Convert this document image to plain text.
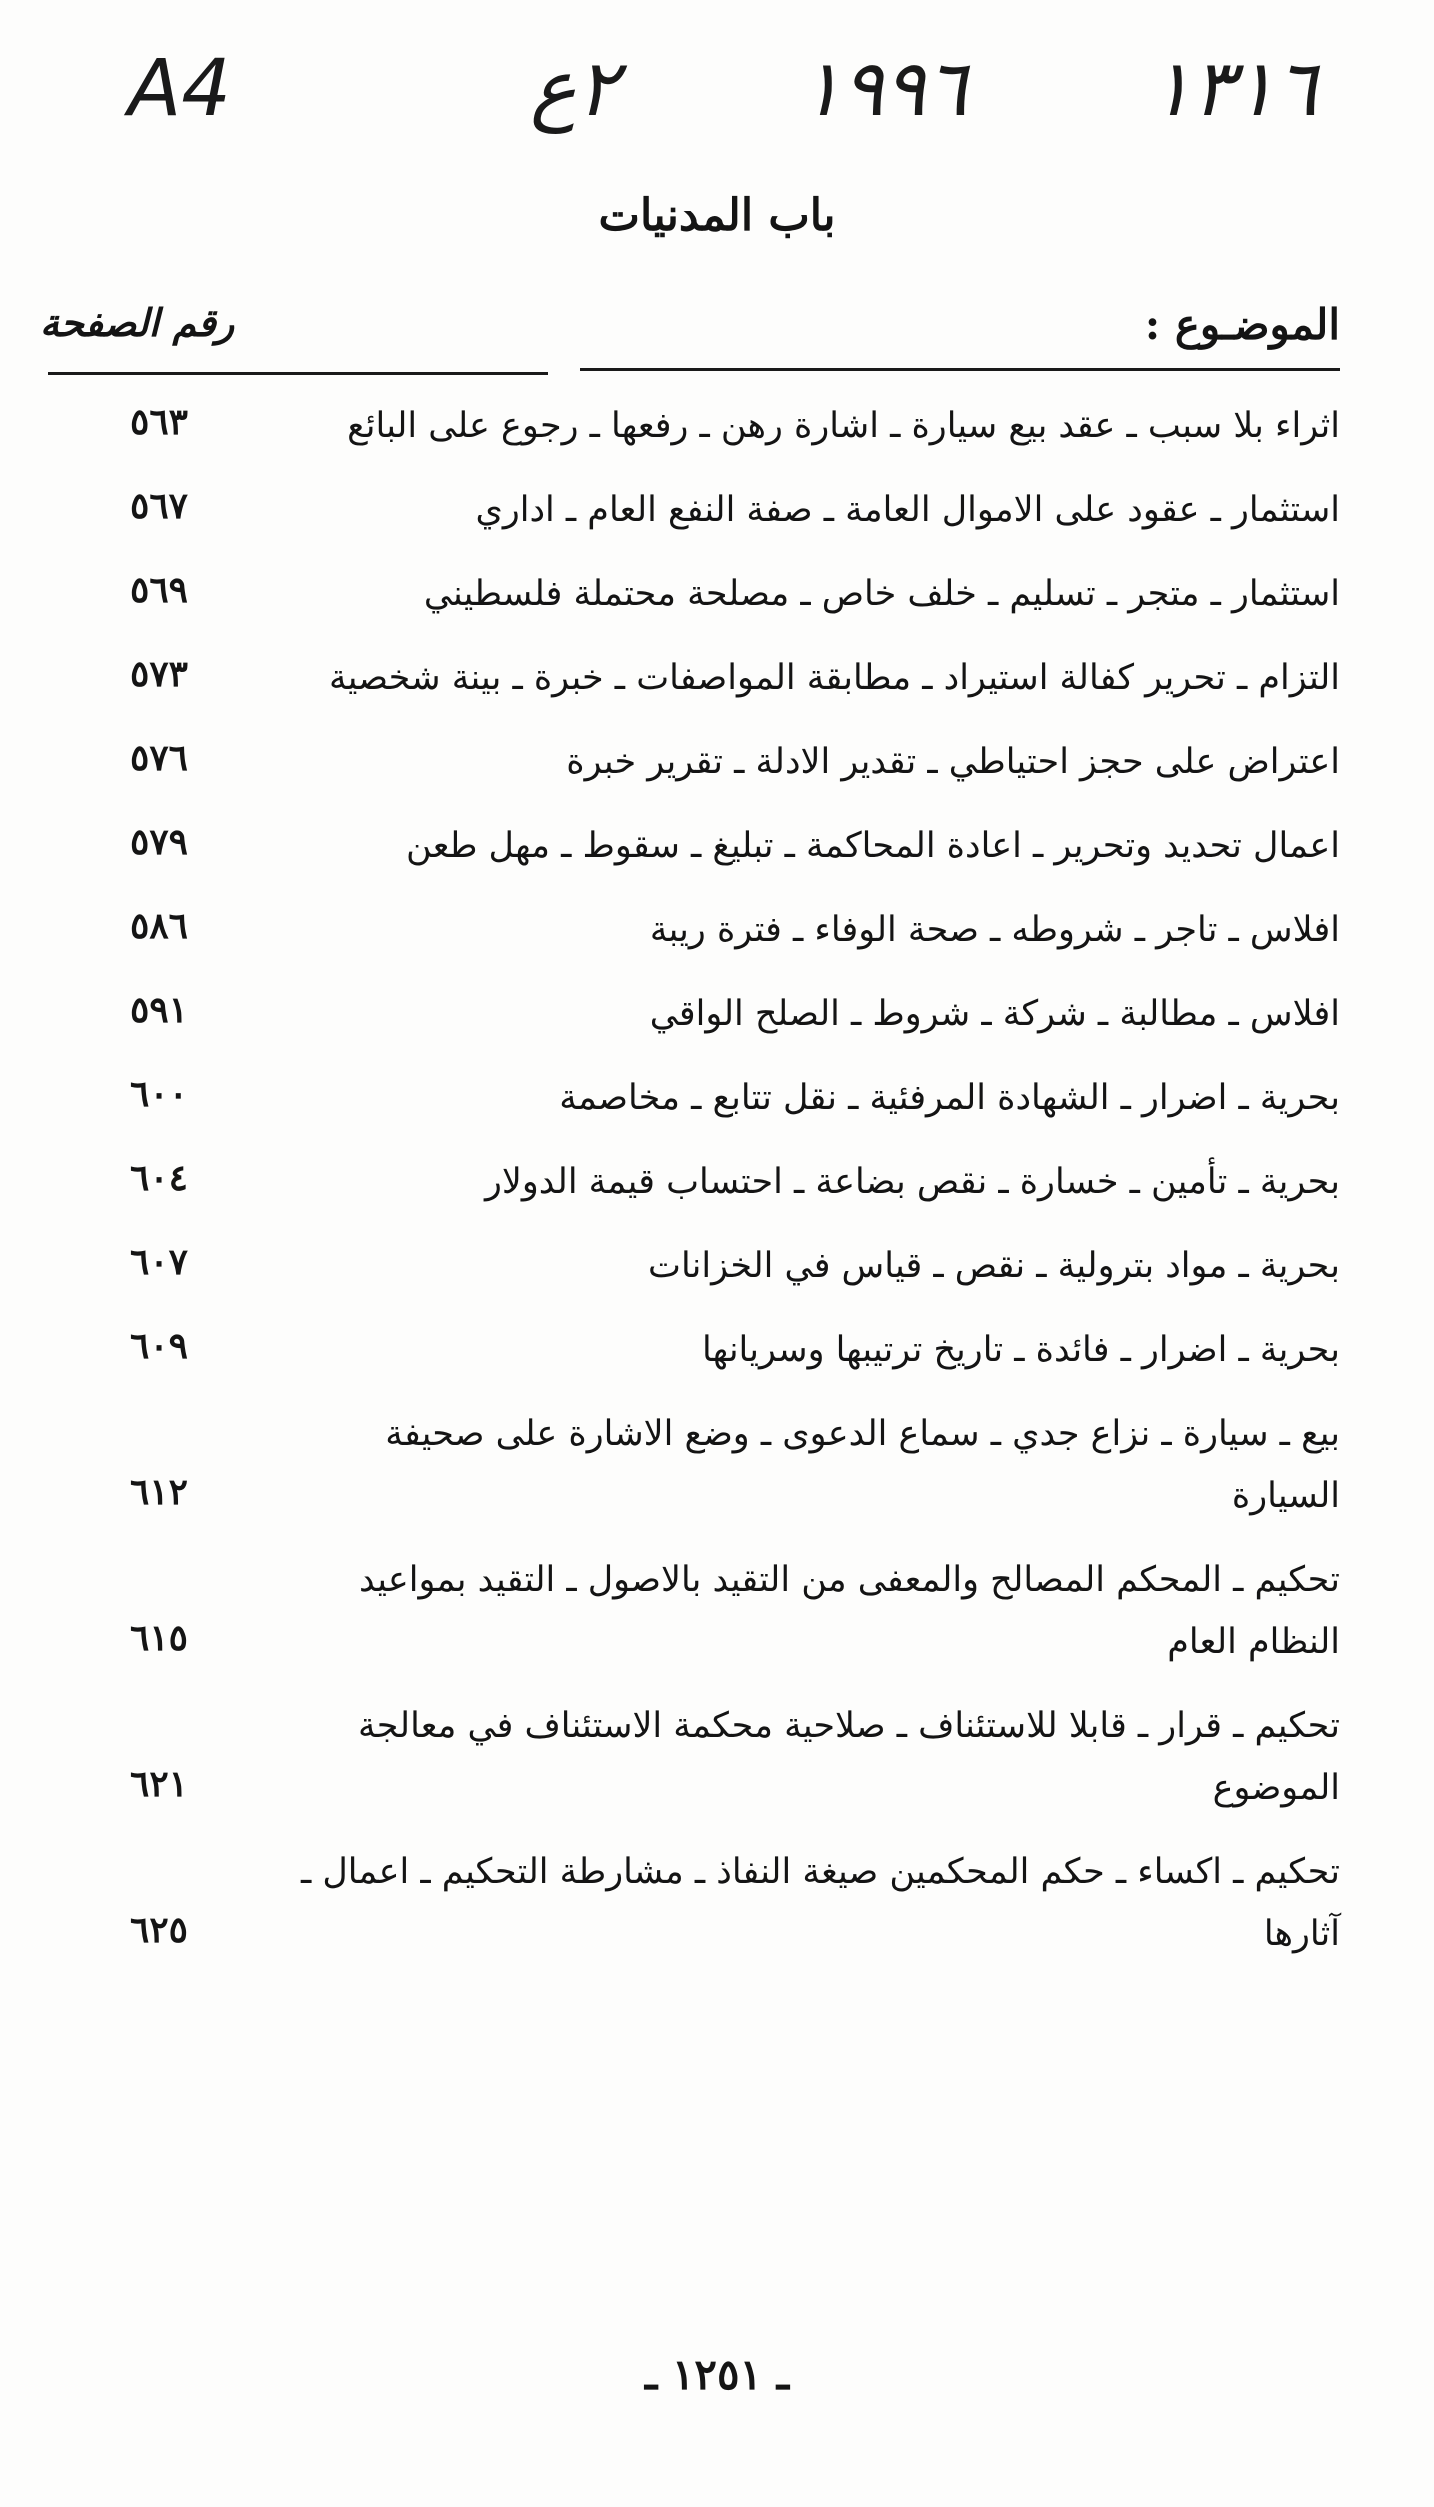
A4	٢ع ١٩٩٦ ١٣١٦
باب المدنيات
الموضـوع :
رقم الصفحة
اثراء بلا سبب ـ عقد بيع سيارة ـ اشارة رهن ـ رفعها ـ رجوع على البائع
٥٦٣
استثمار ـ عقود على الاموال العامة ـ صفة النفع العام ـ اداري
٥٦٧
استثمار ـ متجر ـ تسليم ـ خلف خاص ـ مصلحة محتملة فلسطيني
٥٦٩
التزام ـ تحرير كفالة استيراد ـ مطابقة المواصفات ـ خبرة ـ بينة شخصية
٥٧٣
اعتراض على حجز احتياطي ـ تقدير الادلة ـ تقرير خبرة
٥٧٦
اعمال تحديد وتحرير ـ اعادة المحاكمة ـ تبليغ ـ سقوط ـ مهل طعن
٥٧٩
افلاس ـ تاجر ـ شروطه ـ صحة الوفاء ـ فترة ريبة
٥٨٦
افلاس ـ مطالبة ـ شركة ـ شروط ـ الصلح الواقي
٥٩١
بحرية ـ اضرار ـ الشهادة المرفئية ـ نقل تتابع ـ مخاصمة
٦٠٠
بحرية ـ تأمين ـ خسارة ـ نقص بضاعة ـ احتساب قيمة الدولار
٦٠٤
بحرية ـ مواد بترولية ـ نقص ـ قياس في الخزانات
٦٠٧
بحرية ـ اضرار ـ فائدة ـ تاريخ ترتيبها وسريانها
٦٠٩
بيع ـ سيارة ـ نزاع جدي ـ سماع الدعوى ـ وضع الاشارة على صحيفة السيارة
٦١٢
تحكيم ـ المحكم المصالح والمعفى من التقيد بالاصول ـ التقيد بمواعيد النظام العام
٦١٥
تحكيم ـ قرار ـ قابلا للاستئناف ـ صلاحية محكمة الاستئناف في معالجة الموضوع
٦٢١
تحكيم ـ اكساء ـ حكم المحكمين صيغة النفاذ ـ مشارطة التحكيم ـ اعمال ـ آثارها
٦٢٥
ـ ١٢٥١ ـ
